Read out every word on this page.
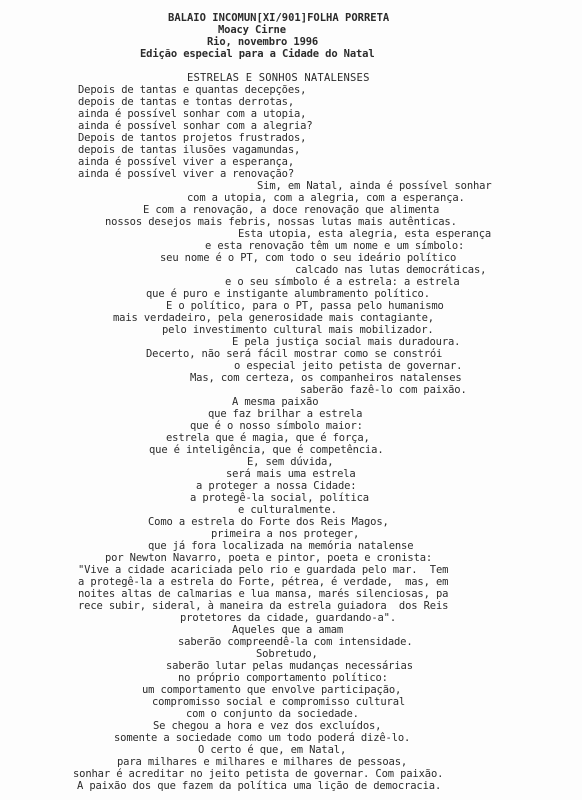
BALAIO INCOMUN[XI/901]FOLHA PORRETA
Moacy Cirne
Rio, novembro 1996
Edição especial para a Cidade do Natal
ESTRELAS E SONHOS NATALENSES
Depois de tantas e quantas decepções,
depois de tantas e tontas derrotas,
ainda é possível sonhar com a utopia,
ainda é possível sonhar com a alegria?
Depois de tantos projetos frustrados,
depois de tantas ilusões vagamundas,
ainda é possível viver a esperança,
ainda é possível viver a renovação?
Sim, em Natal, ainda é possível sonhar
com a utopia, com a alegria, com a esperança.
E com a renovação, a doce renovação que alimenta
nossos desejos mais febris, nossas lutas mais autênticas.
Esta utopia, esta alegria, esta esperança
e esta renovação têm um nome e um símbolo:
seu nome é o PT, com todo o seu ideário político
calcado nas lutas democráticas,
e o seu símbolo é a estrela: a estrela
que é puro e instigante alumbramento político.
E o político, para o PT, passa pelo humanismo
mais verdadeiro, pela generosidade mais contagiante,
pelo investimento cultural mais mobilizador.
E pela justiça social mais duradoura.
Decerto, não será fácil mostrar como se constrói
o especial jeito petista de governar.
Mas, com certeza, os companheiros natalenses
saberão fazê-lo com paixão.
A mesma paixão
que faz brilhar a estrela
que é o nosso símbolo maior:
estrela que é magia, que é força,
que é inteligência, que é competência.
E, sem dúvida,
será mais uma estrela
a proteger a nossa Cidade:
a protegê-la social, política
e culturalmente.
Como a estrela do Forte dos Reis Magos,
primeira a nos proteger,
que já fora localizada na memória natalense
por Newton Navarro, poeta e pintor, poeta e cronista:
"Vive a cidade acariciada pelo rio e guardada pelo mar.  Tem
a protegê-la a estrela do Forte, pétrea, é verdade,  mas, em
noites altas de calmarias e lua mansa, marés silenciosas, pa
rece subir, sideral, à maneira da estrela guiadora  dos Reis
protetores da cidade, guardando-a".
Aqueles que a amam
saberão compreendê-la com intensidade.
Sobretudo,
saberão lutar pelas mudanças necessárias
no próprio comportamento político:
um comportamento que envolve participação,
compromisso social e compromisso cultural
com o conjunto da sociedade.
Se chegou a hora e vez dos excluídos,
somente a sociedade como um todo poderá dizê-lo.
O certo é que, em Natal,
para milhares e milhares e milhares de pessoas,
sonhar é acreditar no jeito petista de governar. Com paixão.
A paixão dos que fazem da política uma lição de democracia.
